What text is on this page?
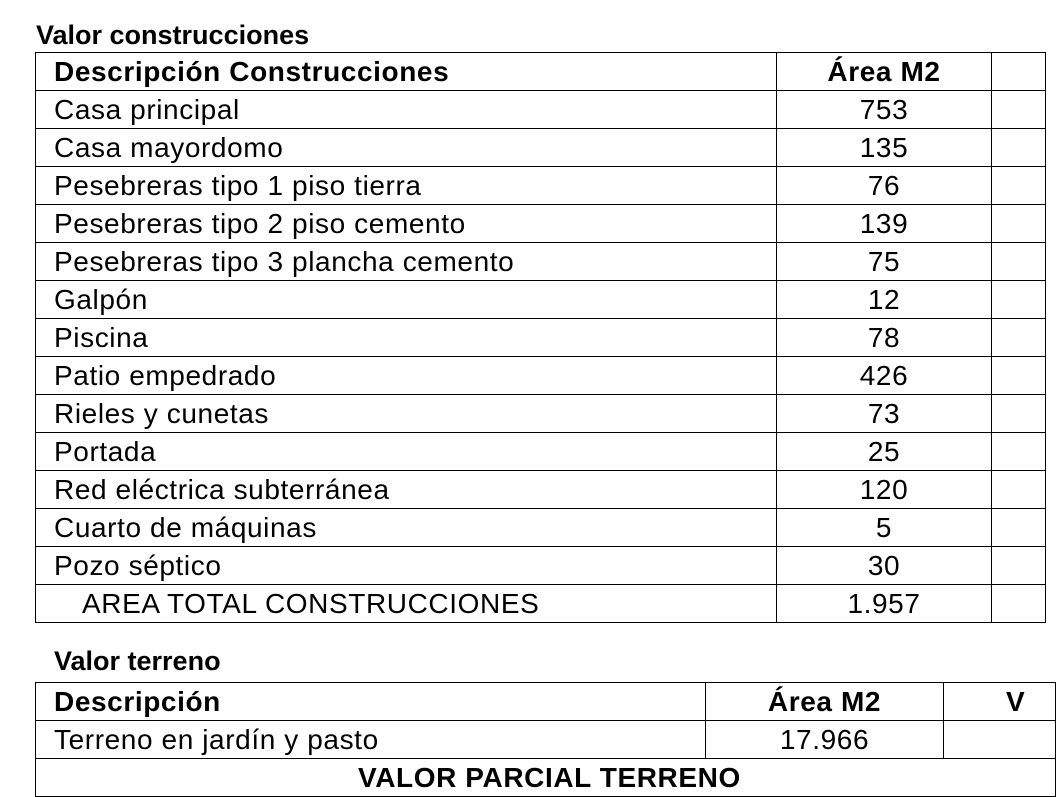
Valor construcciones
Descripción Construcciones	Área M2	
Casa principal	753	
Casa mayordomo	135	
Pesebreras tipo 1 piso tierra	76	
Pesebreras tipo 2 piso cemento	139	
Pesebreras tipo 3 plancha cemento	75	
Galpón	12	
Piscina	78	
Patio empedrado	426	
Rieles y cunetas	73	
Portada	25	
Red eléctrica subterránea	120	
Cuarto de máquinas	5	
Pozo séptico	30	
AREA TOTAL CONSTRUCCIONES	1.957	
Valor terreno
Descripción	Área M2	V
Terreno en jardín y pasto	17.966	
VALOR PARCIAL TERRENO		
